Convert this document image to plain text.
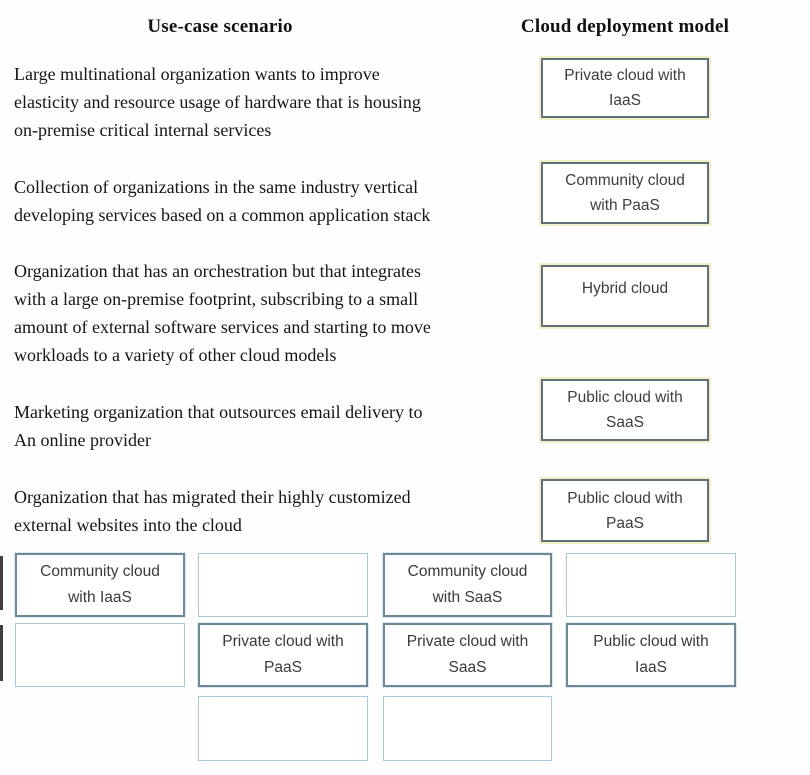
Use-case scenario	Cloud deployment model
Large multinational organization wants to improve
elasticity and resource usage of hardware that is housing
on-premise critical internal services
Private cloud with
IaaS
Collection of organizations in the same industry vertical
developing services based on a common application stack
Community cloud
with PaaS
Organization that has an orchestration but that integrates
with a large on-premise footprint, subscribing to a small
amount of external software services and starting to move
workloads to a variety of other cloud models
Hybrid cloud
Marketing organization that outsources email delivery to
An online provider
Public cloud with
SaaS
Organization that has migrated their highly customized
external websites into the cloud
Public cloud with
PaaS
Community cloud
with IaaS
Community cloud
with SaaS
Private cloud with
PaaS
Private cloud with
SaaS
Public cloud with
IaaS
